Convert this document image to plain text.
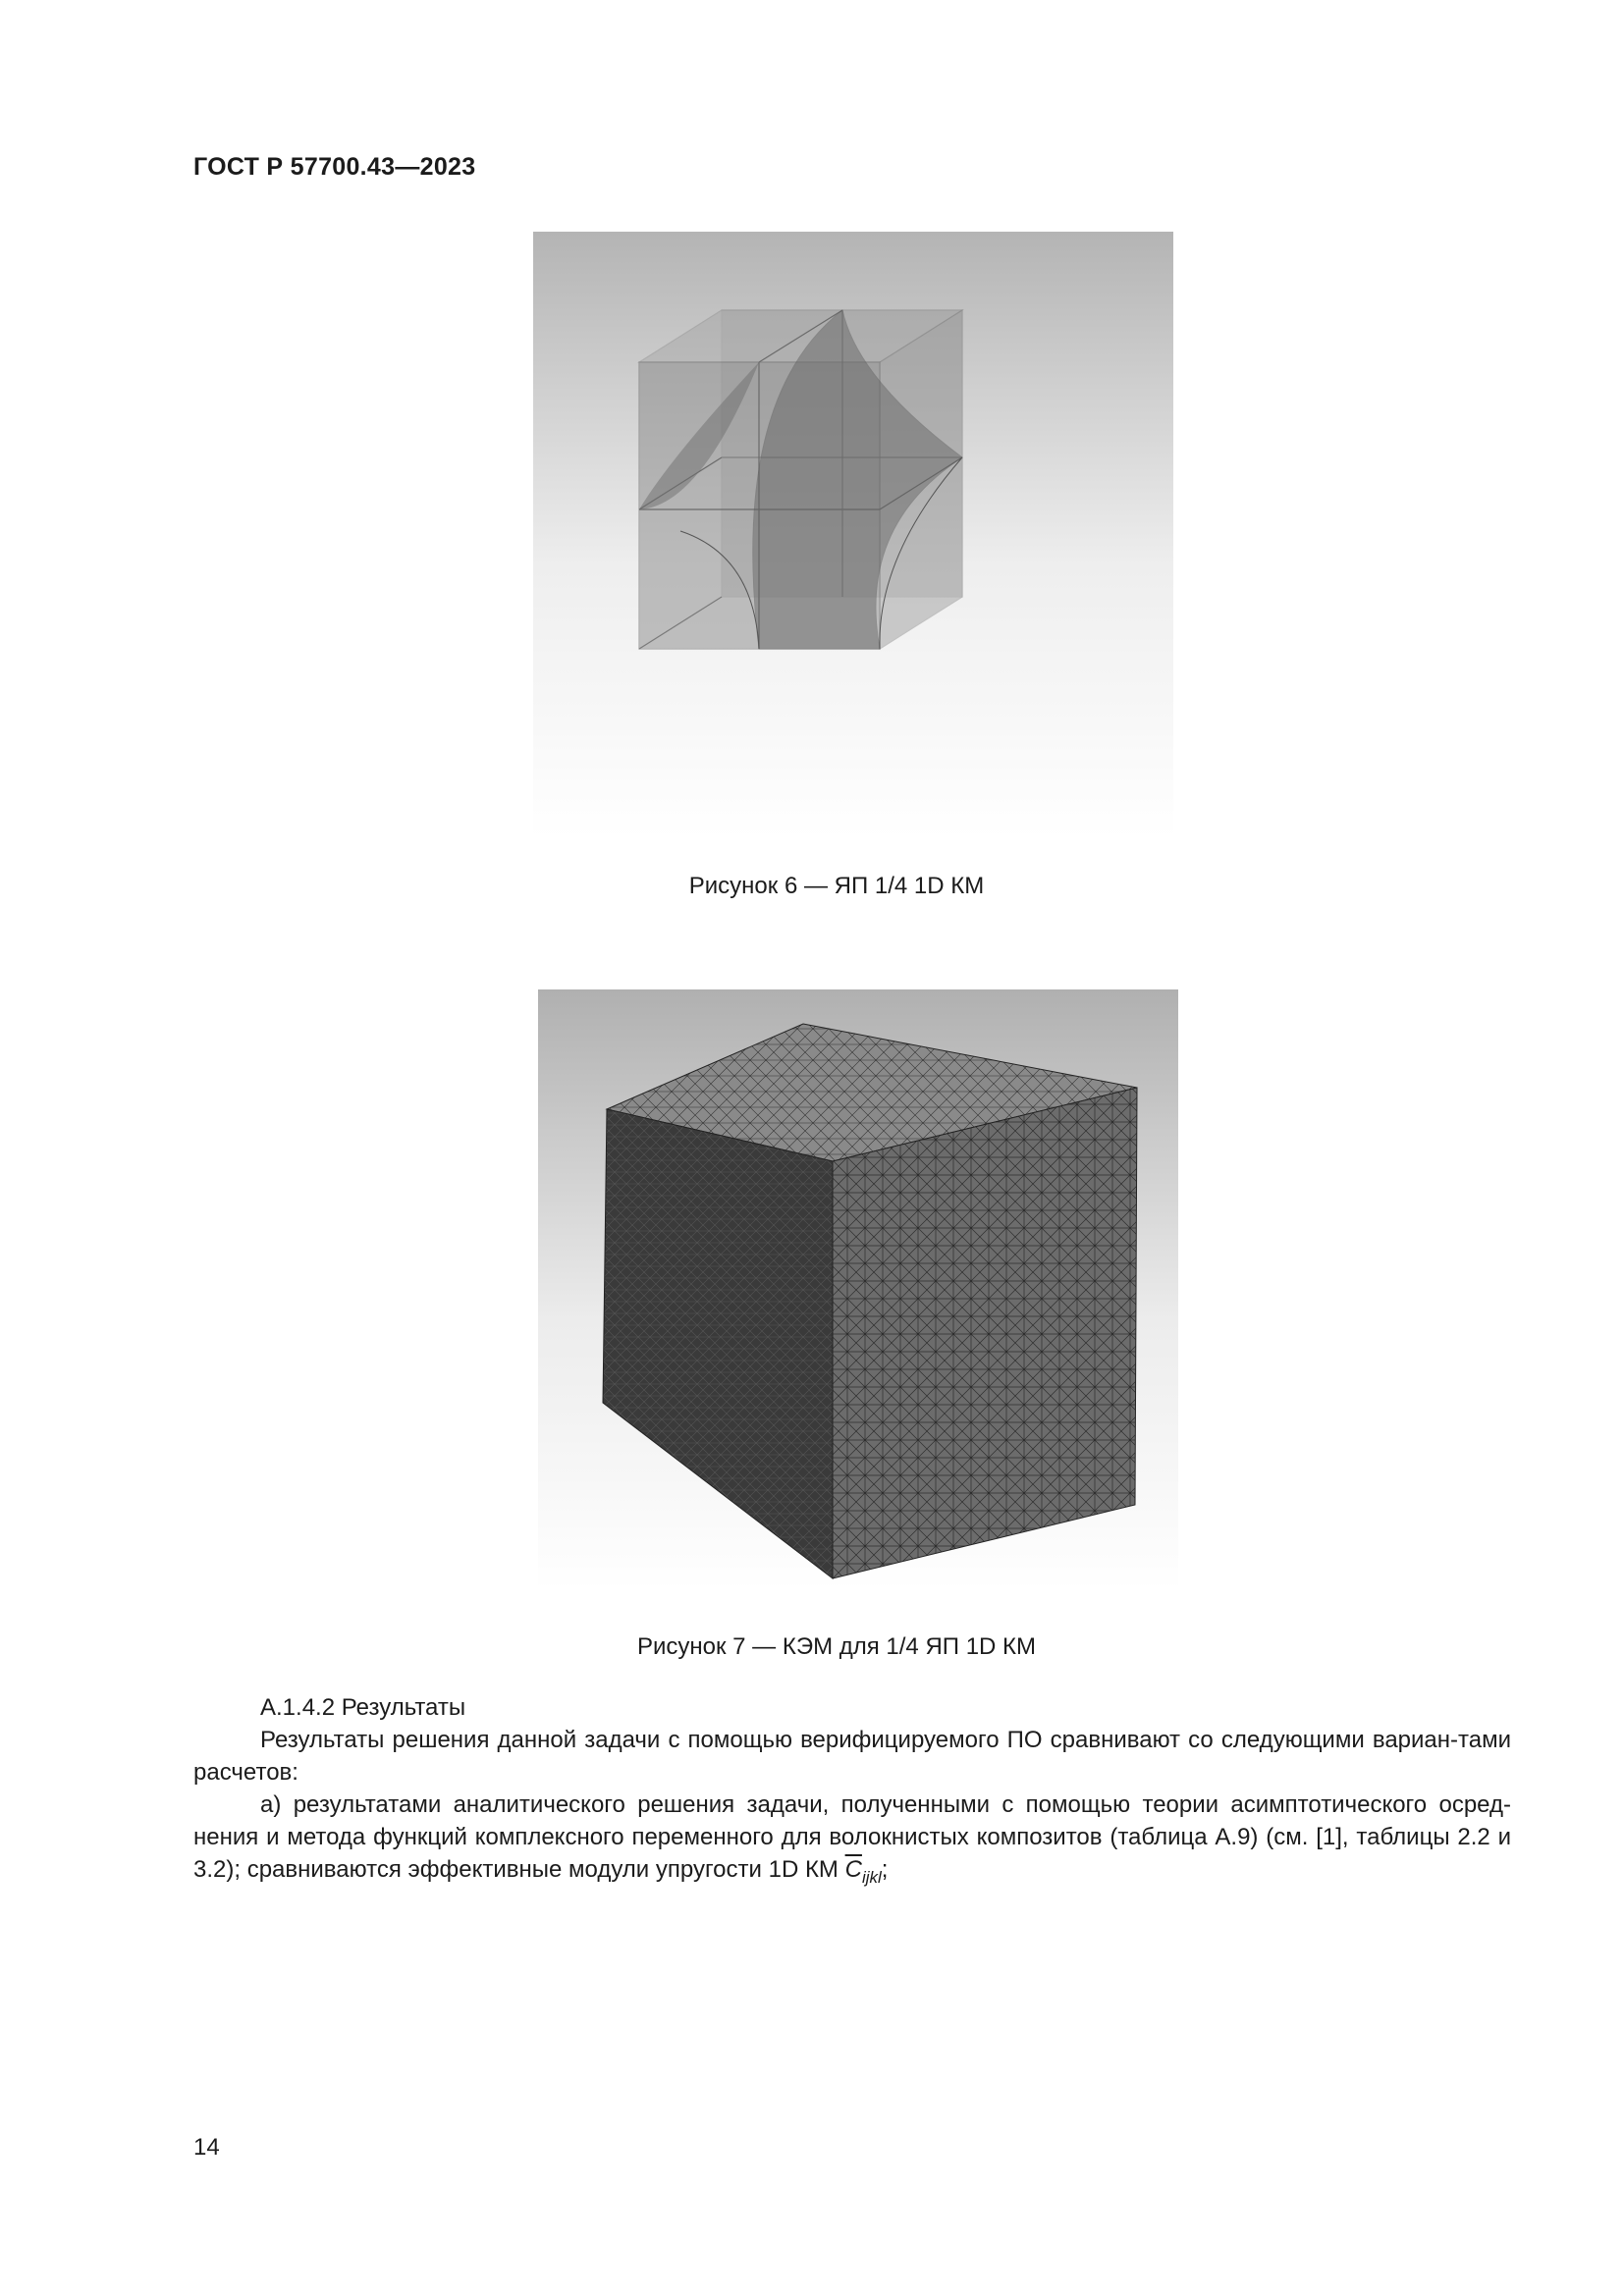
ГОСТ Р 57700.43—2023
Рисунок 6 — ЯП 1/4 1D КМ
Рисунок 7 — КЭМ для 1/4 ЯП 1D КМ
А.1.4.2 Результаты
Результаты решения данной задачи с помощью верифицируемого ПО сравнивают со следующими вариан-тами расчетов:
а) результатами аналитического решения задачи, полученными с помощью теории асимптотического осред-нения и метода функций комплексного переменного для волокнистых композитов (таблица А.9) (см. [1], таблицы 2.2 и 3.2); сравниваются эффективные модули упругости 1D КМ $\overline{C}_{ijkl}$;
14
